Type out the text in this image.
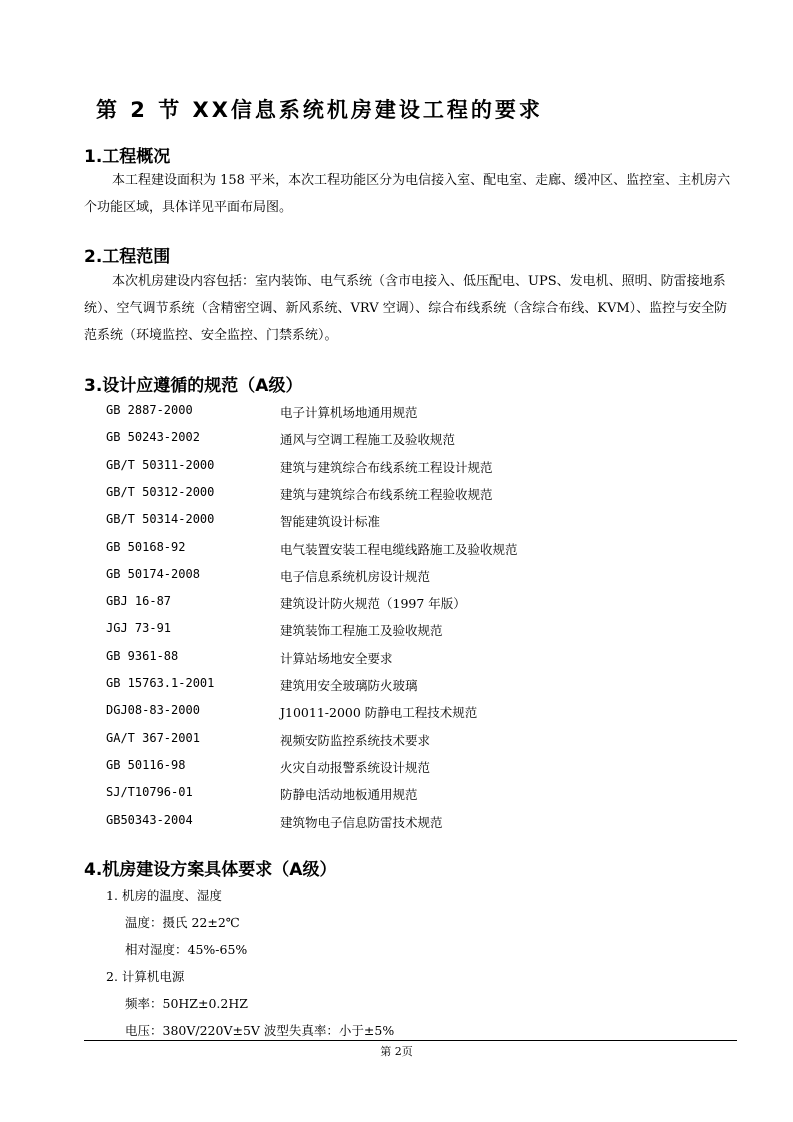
第 2 节 XX信息系统机房建设工程的要求
1.工程概况
本工程建设面积为 158 平米，本次工程功能区分为电信接入室、配电室、走廊、缓冲区、监控室、主机房六个功能区域，具体详见平面布局图。
2.工程范围
本次机房建设内容包括：室内装饰、电气系统（含市电接入、低压配电、UPS、发电机、照明、防雷接地系统）、空气调节系统（含精密空调、新风系统、VRV 空调）、综合布线系统（含综合布线、KVM）、监控与安全防范系统（环境监控、安全监控、门禁系统）。
3.设计应遵循的规范（A级）
GB 2887-2000	电子计算机场地通用规范
GB 50243-2002	通风与空调工程施工及验收规范
GB/T 50311-2000	建筑与建筑综合布线系统工程设计规范
GB/T 50312-2000	建筑与建筑综合布线系统工程验收规范
GB/T 50314-2000	智能建筑设计标准
GB 50168-92	电气装置安装工程电缆线路施工及验收规范
GB 50174-2008	电子信息系统机房设计规范
GBJ 16-87	建筑设计防火规范（1997 年版）
JGJ 73-91	建筑装饰工程施工及验收规范
GB 9361-88	计算站场地安全要求
GB 15763.1-2001	建筑用安全玻璃防火玻璃
DGJ08-83-2000	J10011-2000 防静电工程技术规范
GA/T 367-2001	视频安防监控系统技术要求
GB 50116-98	火灾自动报警系统设计规范
SJ/T10796-01	防静电活动地板通用规范
GB50343-2004	建筑物电子信息防雷技术规范
4.机房建设方案具体要求（A级）
1. 机房的温度、湿度
温度：摄氏 22±2℃
相对湿度：45%-65%
2. 计算机电源
频率：50HZ±0.2HZ
电压：380V/220V±5V 波型失真率：小于±5%
第 2页
